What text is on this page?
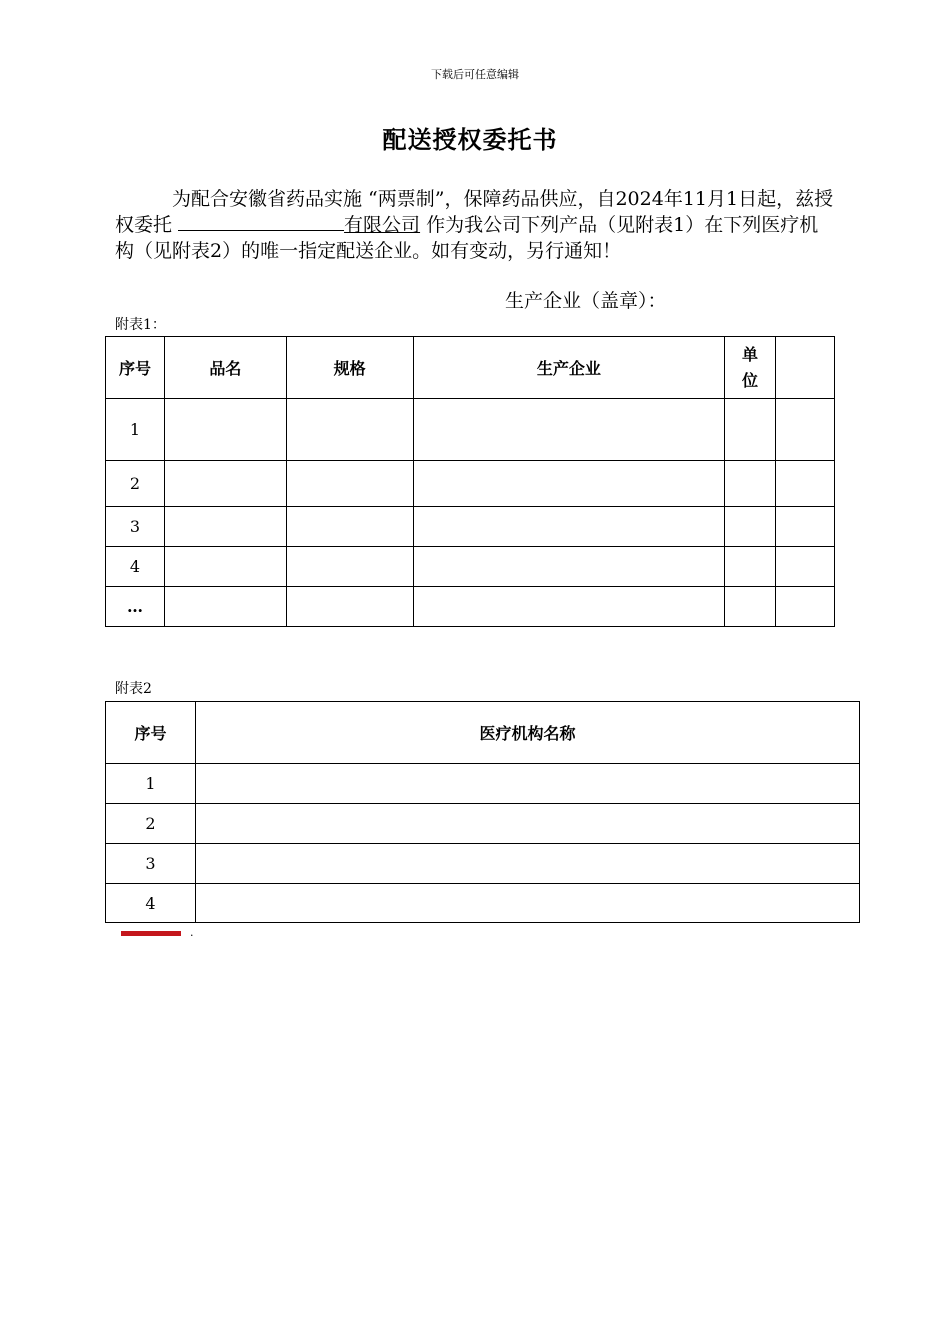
下载后可任意编辑
配送授权委托书
为配合安徽省药品实施 “两票制”，保障药品供应，自2024年11月1日起，兹授权委托	有限公司 作为我公司下列产品（见附表1）在下列医疗机构（见附表2）的唯一指定配送企业。如有变动，另行通知！
生产企业（盖章）：
附表1：
序号	品名	规格	生产企业	单位	
1					
2					
3					
4					
…					
附表2
序号	医疗机构名称
1	
2	
3	
4	
.
